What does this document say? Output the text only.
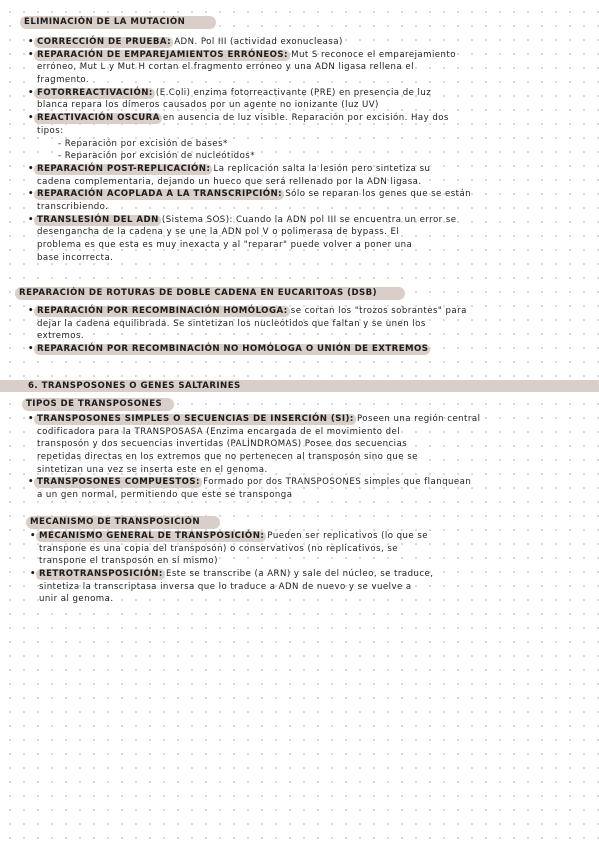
ELIMINACIÓN DE LA MUTACIÓN
• CORRECCIÓN DE PRUEBA: ADN. Pol III (actividad exonucleasa)
• REPARACIÓN DE EMPAREJAMIENTOS ERRÓNEOS: Mut S reconoce el emparejamiento
erróneo, Mut L y Mut H cortan el fragmento erróneo y una ADN ligasa rellena el
fragmento.
• FOTORREACTIVACIÓN: (E.Coli) enzima fotorreactivante (PRE) en presencia de luz
blanca repara los dímeros causados por un agente no ionizante (luz UV)
• REACTIVACIÓN OSCURA en ausencia de luz visible. Reparación por excisión. Hay dos
tipos:
- Reparación por excisión de bases*
- Reparación por excisión de nucleótidos*
• REPARACIÓN POST-REPLICACIÓN: La replicación salta la lesión pero sintetiza su
cadena complementaria, dejando un hueco que será rellenado por la ADN ligasa.
• REPARACIÓN ACOPLADA A LA TRANSCRIPCIÓN: Sólo se reparan los genes que se están
transcribiendo.
• TRANSLESIÓN DEL ADN (Sistema SOS): Cuando la ADN pol III se encuentra un error se
desengancha de la cadena y se une la ADN pol V o polimerasa de bypass. El
problema es que esta es muy inexacta y al "reparar" puede volver a poner una
base incorrecta.
REPARACIÓN DE ROTURAS DE DOBLE CADENA EN EUCARITOAS (DSB)
• REPARACIÓN POR RECOMBINACIÓN HOMÓLOGA: se cortan los "trozos sobrantes" para
dejar la cadena equilibrada. Se sintetizan los nucleótidos que faltan y se unen los
extremos.
• REPARACIÓN POR RECOMBINACIÓN NO HOMÓLOGA O UNIÓN DE EXTREMOS
6. TRANSPOSONES O GENES SALTARINES
TIPOS DE TRANSPOSONES
• TRANSPOSONES SIMPLES O SECUENCIAS DE INSERCIÓN (SI): Poseen una región central
codificadora para la TRANSPOSASA (Enzima encargada de el movimiento del
transposón y dos secuencias invertidas (PALÍNDROMAS) Posee dos secuencias
repetidas directas en los extremos que no pertenecen al transposón sino que se
sintetizan una vez se inserta este en el genoma.
• TRANSPOSONES COMPUESTOS: Formado por dos TRANSPOSONES simples que flanquean
a un gen normal, permitiendo que este se transponga
MECANISMO DE TRANSPOSICIÓN
• MECANISMO GENERAL DE TRANSPOSICIÓN: Pueden ser replicativos (lo que se
transpone es una copia del transposón) o conservativos (no replicativos, se
transpone el transposón en sí mismo)
• RETROTRANSPOSICIÓN: Este se transcribe (a ARN) y sale del núcleo, se traduce,
sintetiza la transcriptasa inversa que lo traduce a ADN de nuevo y se vuelve a
unir al genoma.
